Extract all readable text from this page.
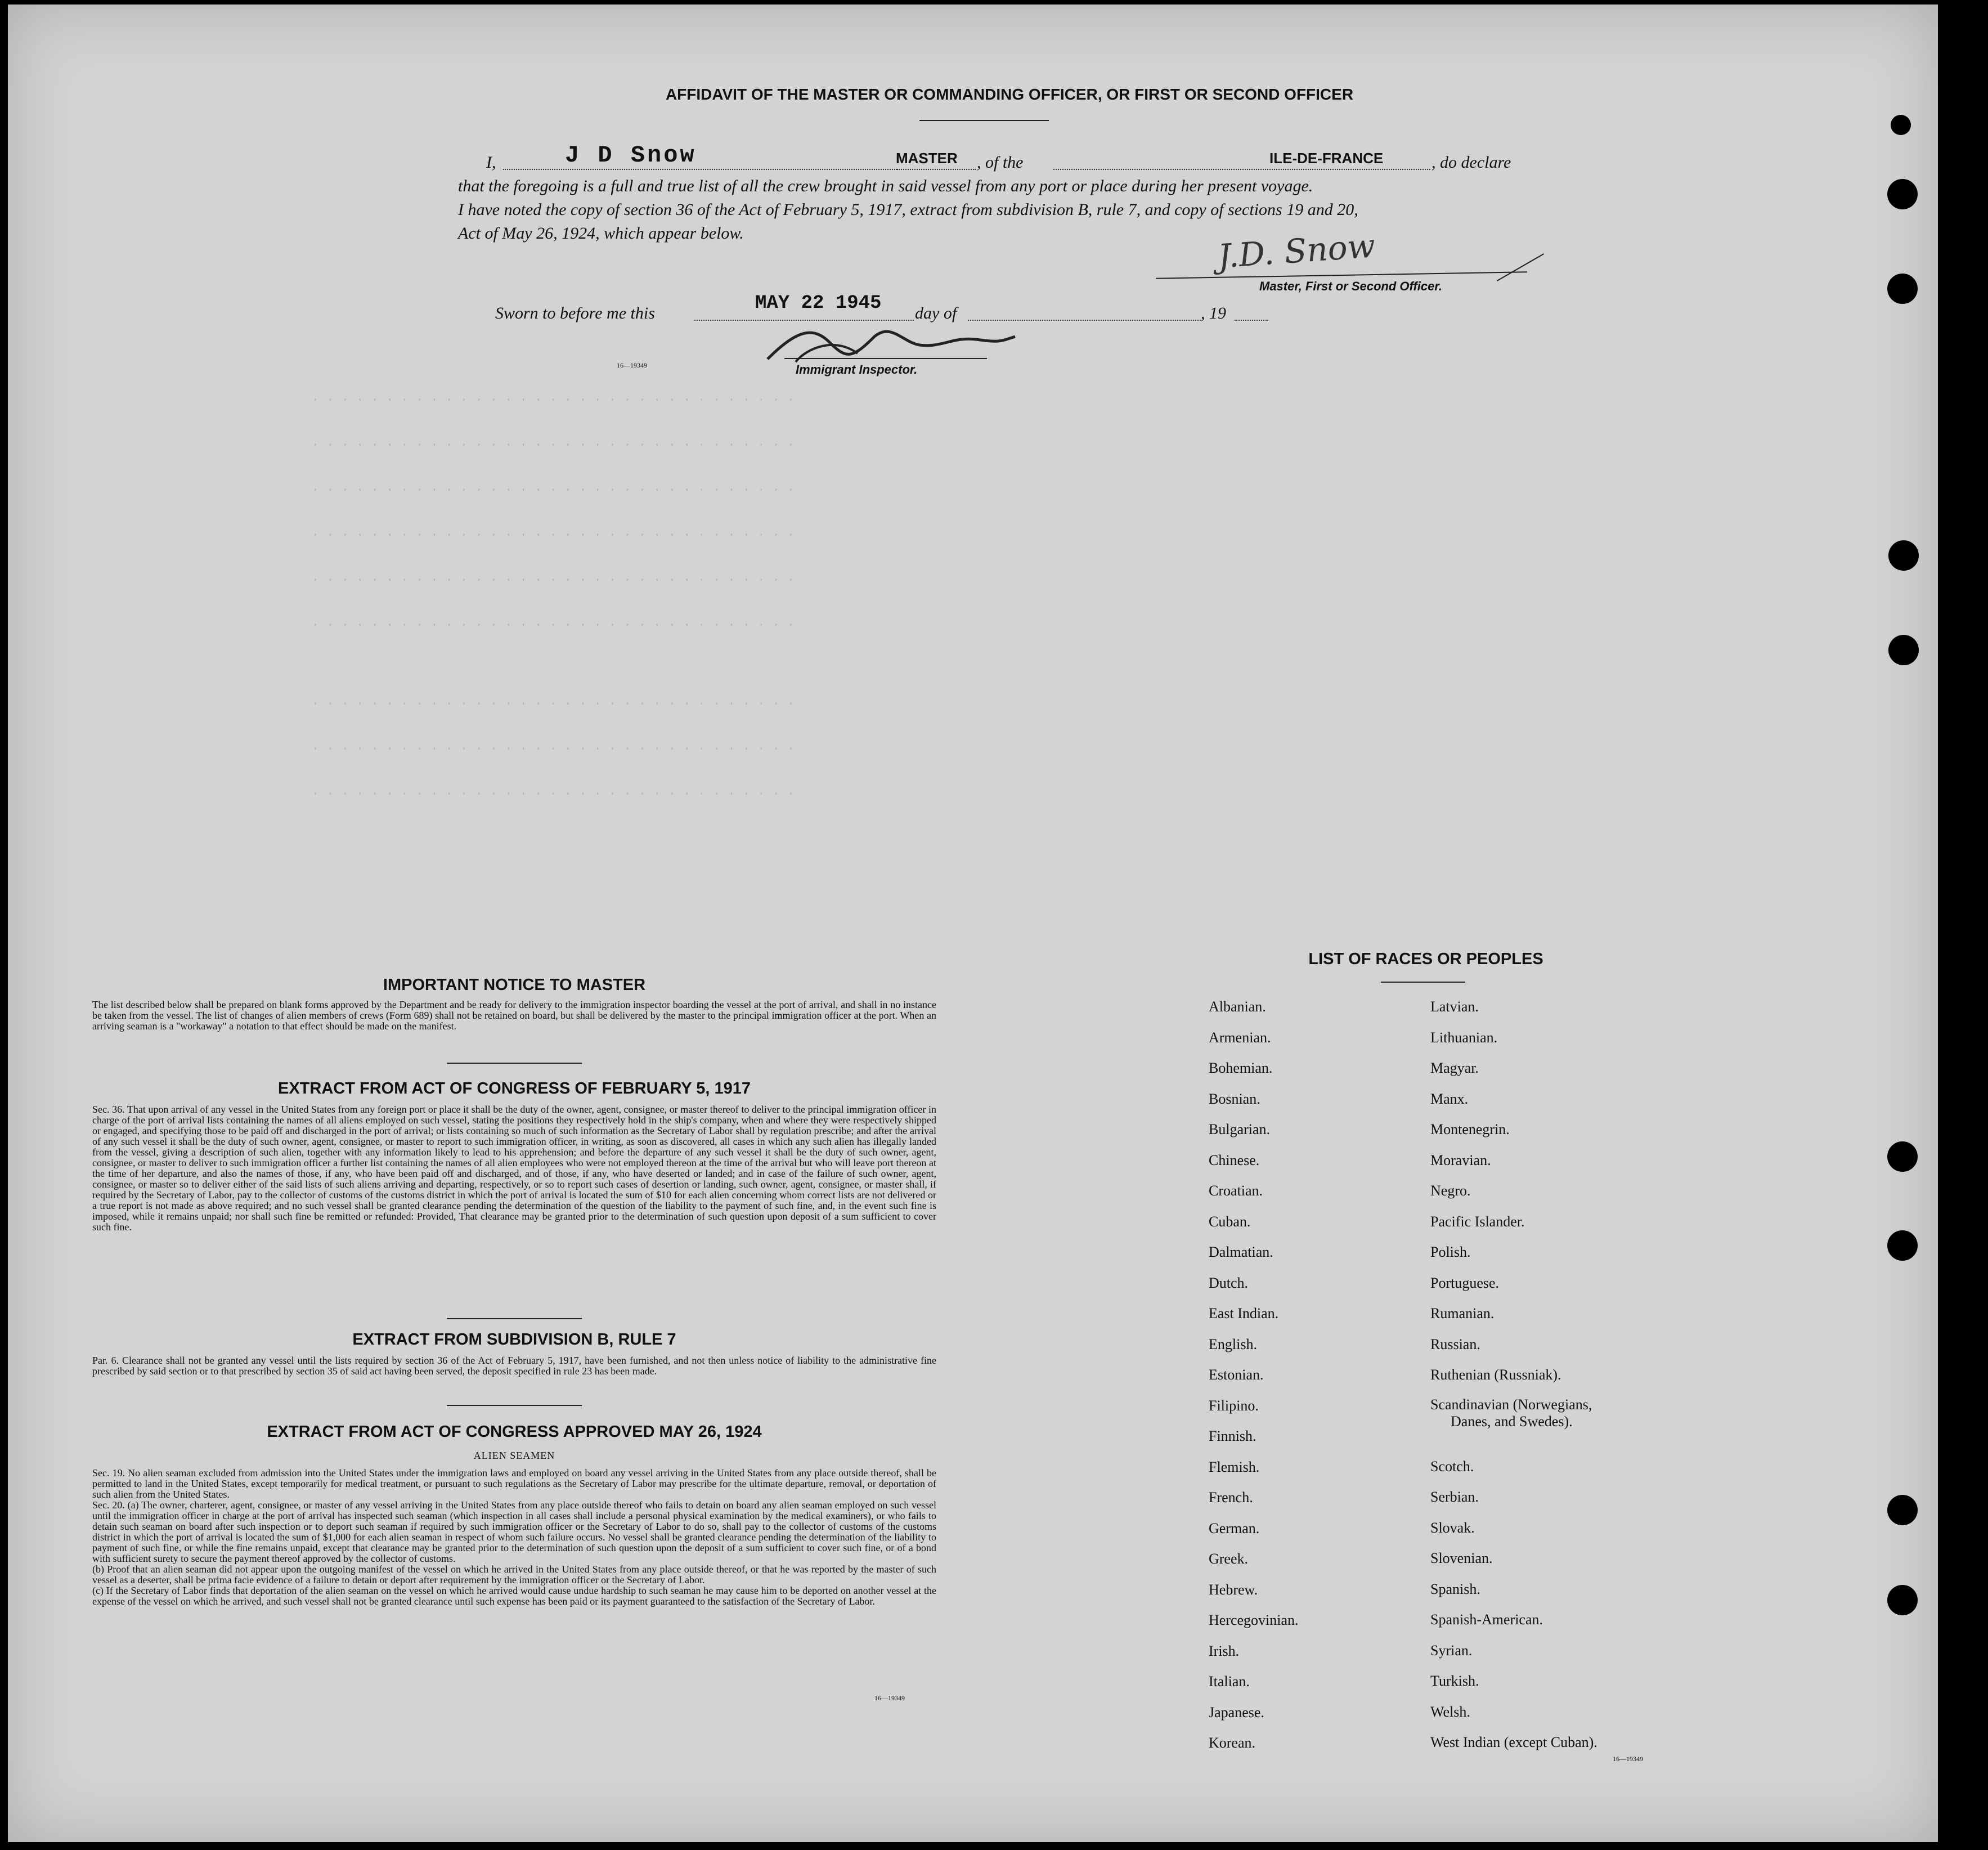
· · · · · · · · · · · · · · · · · · · · · · · · · · · · · · · · ·
· · · · · · · · · · · · · · · · · · · · · · · · · · · · · · · · ·
· · · · · · · · · · · · · · · · · · · · · · · · · · · · · · · · ·
· · · · · · · · · · · · · · · · · · · · · · · · · · · · · · · · ·
· · · · · · · · · · · · · · · · · · · · · · · · · · · · · · · · ·
· · · · · · · · · · · · · · · · · · · · · · · · · · · · · · · · ·
· · · · · · · · · · · · · · · · · · · · · · · · · · · · · · · · ·
· · · · · · · · · · · · · · · · · · · · · · · · · · · · · · · · ·
· · · · · · · · · · · · · · · · · · · · · · · · · · · · · · · · ·
AFFIDAVIT OF THE MASTER OR COMMANDING OFFICER, OR FIRST OR SECOND OFFICER
I,	J D Snow	MASTER , of the	ILE-DE-FRANCE	, do declare
that the foregoing is a full and true list of all the crew brought in said vessel from any port or place during her present voyage.
I have noted the copy of section 36 of the Act of February 5, 1917, extract from subdivision B, rule 7, and copy of sections 19 and 20,
Act of May 26, 1924, which appear below.	J.D. Snow
Master, First or Second Officer.
Sworn to before me this	MAY 22 1945 day of	, 19
16—19349	Immigrant Inspector.
IMPORTANT NOTICE TO MASTER
The list described below shall be prepared on blank forms approved by the Department and be ready for delivery to the immigration inspector boarding the vessel at the port of arrival, and shall in no instance be taken from the vessel. The list of changes of alien members of crews (Form 689) shall not be retained on board, but shall be delivered by the master to the principal immigration officer at the port. When an arriving seaman is a "workaway" a notation to that effect should be made on the manifest.
EXTRACT FROM ACT OF CONGRESS OF FEBRUARY 5, 1917
Sec. 36. That upon arrival of any vessel in the United States from any foreign port or place it shall be the duty of the owner, agent, consignee, or master thereof to deliver to the principal immigration officer in charge of the port of arrival lists containing the names of all aliens employed on such vessel, stating the positions they respectively hold in the ship's company, when and where they were respectively shipped or engaged, and specifying those to be paid off and discharged in the port of arrival; or lists containing so much of such information as the Secretary of Labor shall by regulation prescribe; and after the arrival of any such vessel it shall be the duty of such owner, agent, consignee, or master to report to such immigration officer, in writing, as soon as discovered, all cases in which any such alien has illegally landed from the vessel, giving a description of such alien, together with any information likely to lead to his apprehension; and before the departure of any such vessel it shall be the duty of such owner, agent, consignee, or master to deliver to such immigration officer a further list containing the names of all alien employees who were not employed thereon at the time of the arrival but who will leave port thereon at the time of her departure, and also the names of those, if any, who have been paid off and discharged, and of those, if any, who have deserted or landed; and in case of the failure of such owner, agent, consignee, or master so to deliver either of the said lists of such aliens arriving and departing, respectively, or so to report such cases of desertion or landing, such owner, agent, consignee, or master shall, if required by the Secretary of Labor, pay to the collector of customs of the customs district in which the port of arrival is located the sum of $10 for each alien concerning whom correct lists are not delivered or a true report is not made as above required; and no such vessel shall be granted clearance pending the determination of the question of the liability to the payment of such fine, and, in the event such fine is imposed, while it remains unpaid; nor shall such fine be remitted or refunded: Provided, That clearance may be granted prior to the determination of such question upon deposit of a sum sufficient to cover such fine.
EXTRACT FROM SUBDIVISION B, RULE 7
Par. 6. Clearance shall not be granted any vessel until the lists required by section 36 of the Act of February 5, 1917, have been furnished, and not then unless notice of liability to the administrative fine prescribed by said section or to that prescribed by section 35 of said act having been served, the deposit specified in rule 23 has been made.
EXTRACT FROM ACT OF CONGRESS APPROVED MAY 26, 1924
ALIEN SEAMEN
Sec. 19. No alien seaman excluded from admission into the United States under the immigration laws and employed on board any vessel arriving in the United States from any place outside thereof, shall be permitted to land in the United States, except temporarily for medical treatment, or pursuant to such regulations as the Secretary of Labor may prescribe for the ultimate departure, removal, or deportation of such alien from the United States.
Sec. 20. (a) The owner, charterer, agent, consignee, or master of any vessel arriving in the United States from any place outside thereof who fails to detain on board any alien seaman employed on such vessel until the immigration officer in charge at the port of arrival has inspected such seaman (which inspection in all cases shall include a personal physical examination by the medical examiners), or who fails to detain such seaman on board after such inspection or to deport such seaman if required by such immigration officer or the Secretary of Labor to do so, shall pay to the collector of customs of the customs district in which the port of arrival is located the sum of $1,000 for each alien seaman in respect of whom such failure occurs. No vessel shall be granted clearance pending the determination of the liability to payment of such fine, or while the fine remains unpaid, except that clearance may be granted prior to the determination of such question upon the deposit of a sum sufficient to cover such fine, or of a bond with sufficient surety to secure the payment thereof approved by the collector of customs.
(b) Proof that an alien seaman did not appear upon the outgoing manifest of the vessel on which he arrived in the United States from any place outside thereof, or that he was reported by the master of such vessel as a deserter, shall be prima facie evidence of a failure to detain or deport after requirement by the immigration officer or the Secretary of Labor.
(c) If the Secretary of Labor finds that deportation of the alien seaman on the vessel on which he arrived would cause undue hardship to such seaman he may cause him to be deported on another vessel at the expense of the vessel on which he arrived, and such vessel shall not be granted clearance until such expense has been paid or its payment guaranteed to the satisfaction of the Secretary of Labor.
16—19349
LIST OF RACES OR PEOPLES
Albanian.
Armenian.
Bohemian.
Bosnian.
Bulgarian.
Chinese.
Croatian.
Cuban.
Dalmatian.
Dutch.
East Indian.
English.
Estonian.
Filipino.
Finnish.
Flemish.
French.
German.
Greek.
Hebrew.
Hercegovinian.
Irish.
Italian.
Japanese.
Korean.
Latvian.
Lithuanian.
Magyar.
Manx.
Montenegrin.
Moravian.
Negro.
Pacific Islander.
Polish.
Portuguese.
Rumanian.
Russian.
Ruthenian (Russniak).
Scandinavian (Norwegians,
Danes, and Swedes).
Scotch.
Serbian.
Slovak.
Slovenian.
Spanish.
Spanish-American.
Syrian.
Turkish.
Welsh.
West Indian (except Cuban).
16—19349
